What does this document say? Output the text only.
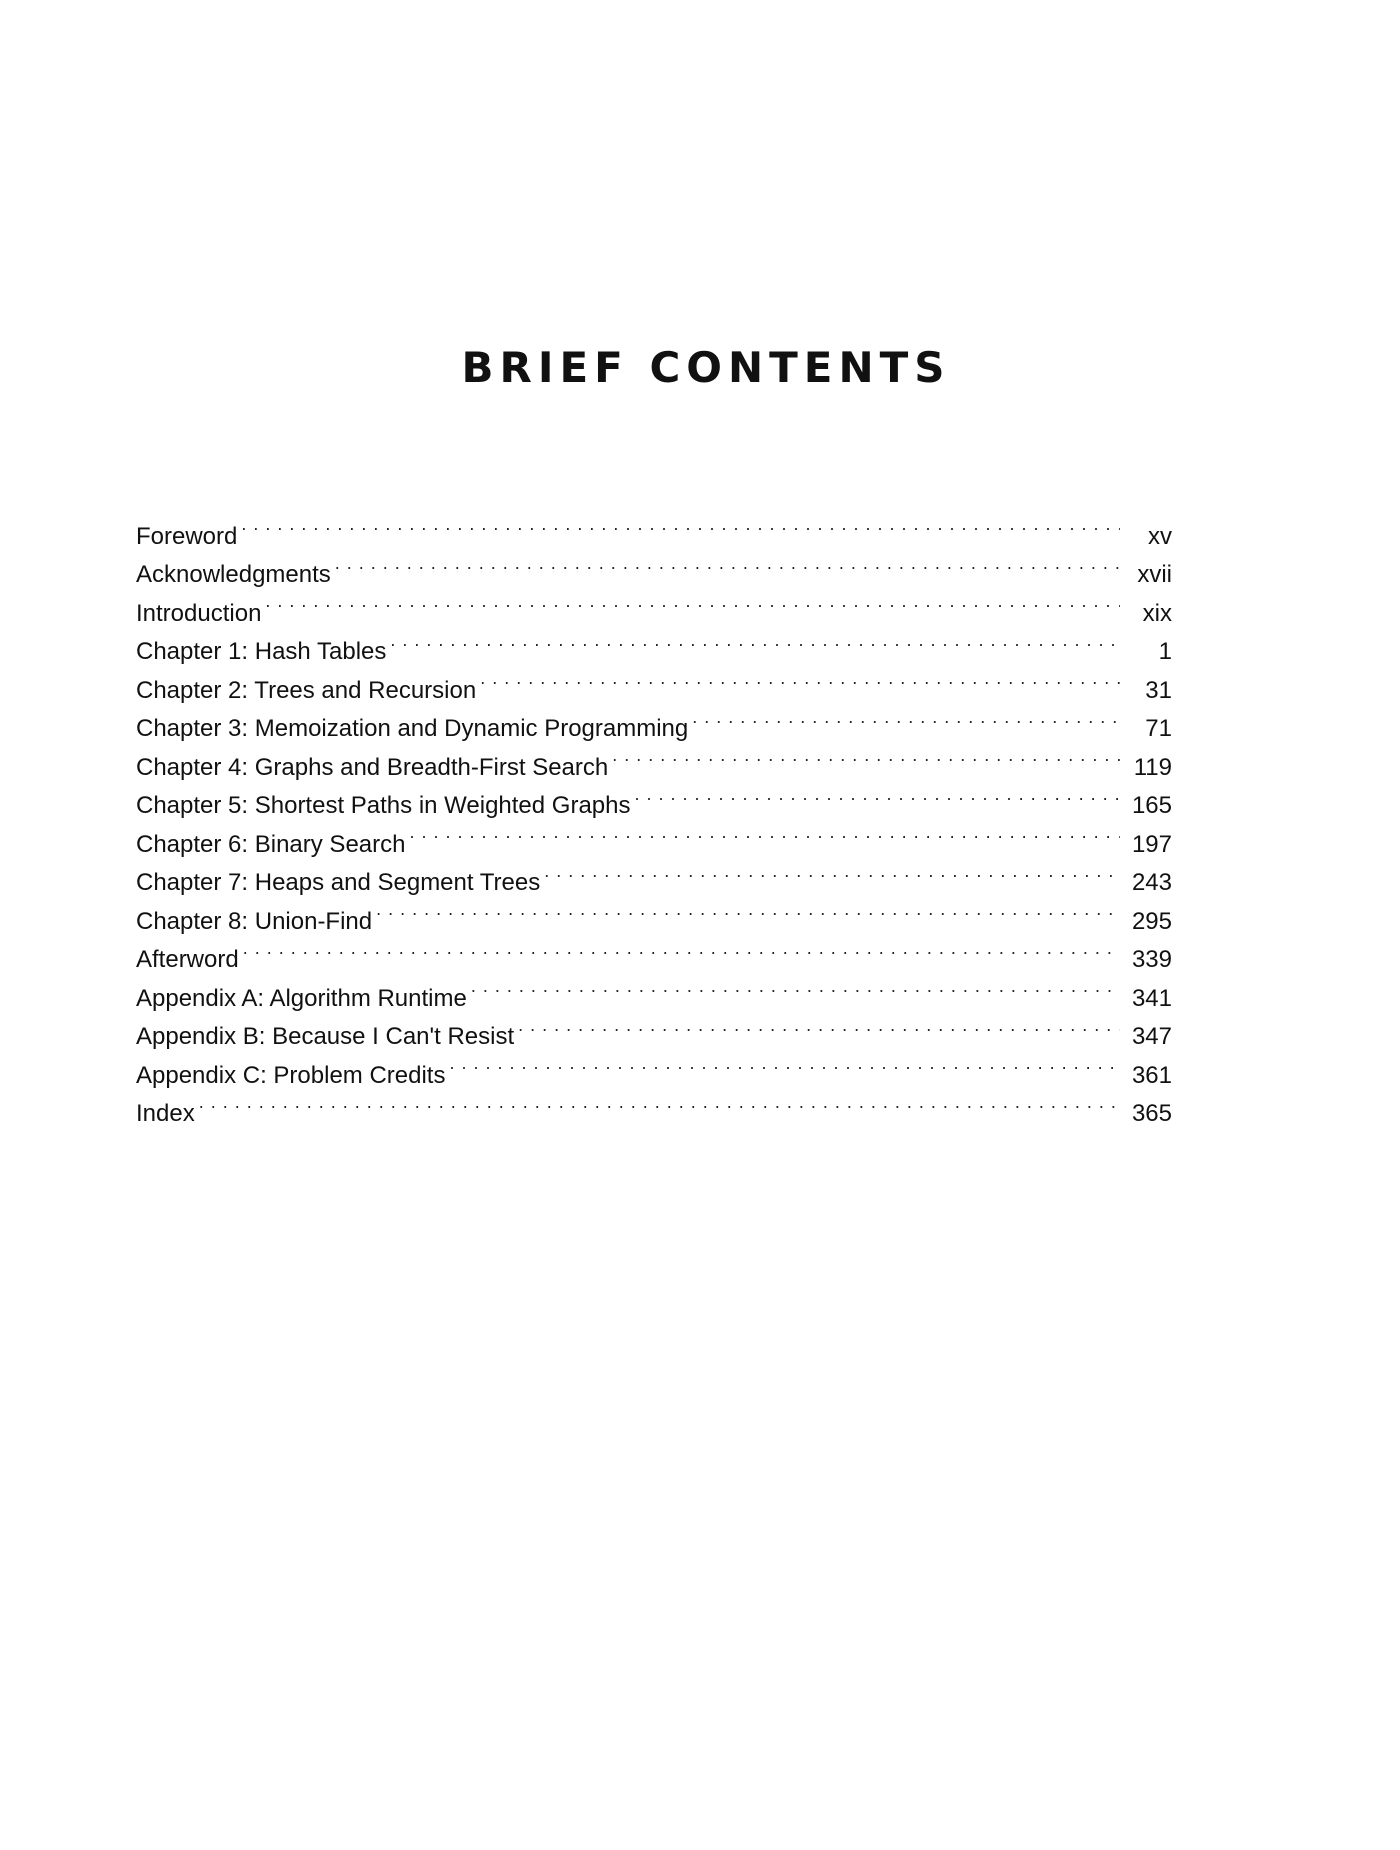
BRIEF CONTENTS
Foreword . . .	xv
Acknowledgments . . .	xvii
Introduction . . .	xix
Chapter 1: Hash Tables . . .	1
Chapter 2: Trees and Recursion . . .	31
Chapter 3: Memoization and Dynamic Programming . . .	71
Chapter 4: Graphs and Breadth-First Search . . .	119
Chapter 5: Shortest Paths in Weighted Graphs . . .	165
Chapter 6: Binary Search . . .	197
Chapter 7: Heaps and Segment Trees . . .	243
Chapter 8: Union-Find . . .	295
Afterword . . .	339
Appendix A: Algorithm Runtime . . .	341
Appendix B: Because I Can't Resist . . .	347
Appendix C: Problem Credits . . .	361
Index . . .	365
